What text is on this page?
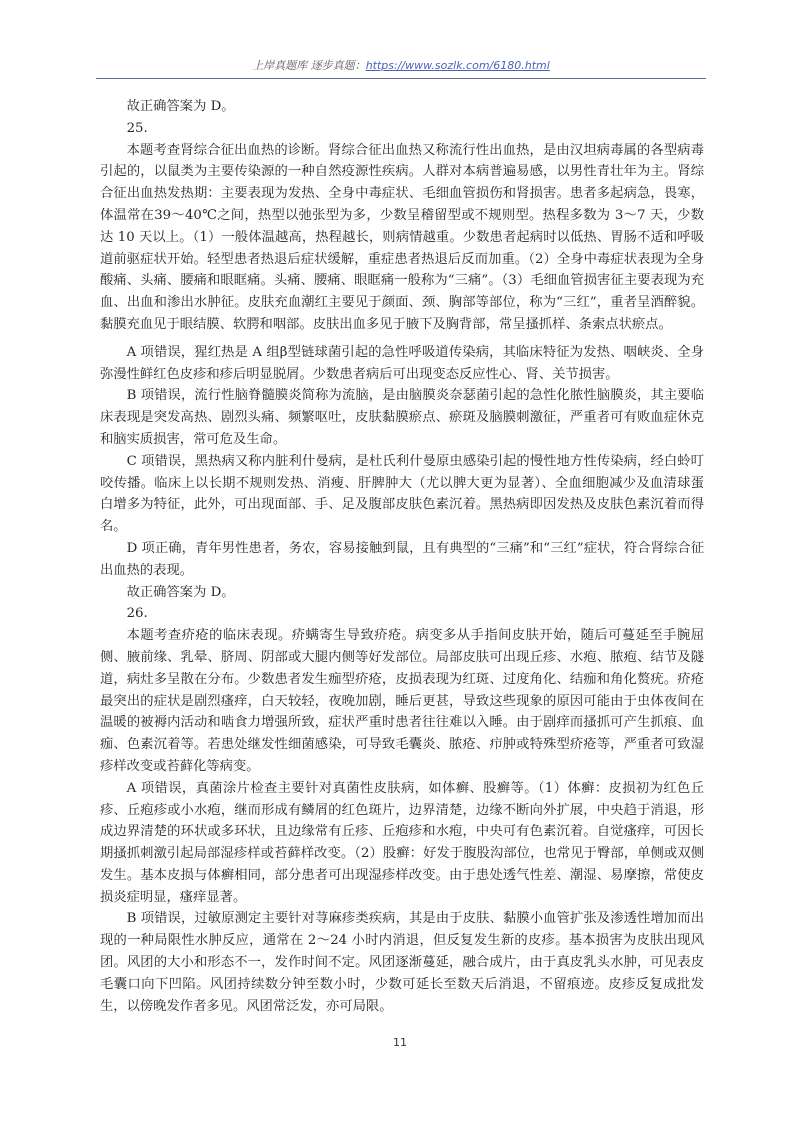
上岸真题库 逐步真题：https://www.sozlk.com/6180.html

故正确答案为 D。

25.

本题考查肾综合征出血热的诊断。肾综合征出血热又称流行性出血热，是由汉坦病毒属的各型病毒引起的，以鼠类为主要传染源的一种自然疫源性疾病。人群对本病普遍易感，以男性青壮年为主。肾综合征出血热发热期：主要表现为发热、全身中毒症状、毛细血管损伤和肾损害。患者多起病急，畏寒，体温常在39～40℃之间，热型以弛张型为多，少数呈稽留型或不规则型。热程多数为 3～7 天，少数达 10 天以上。（1）一般体温越高，热程越长，则病情越重。少数患者起病时以低热、胃肠不适和呼吸道前驱症状开始。轻型患者热退后症状缓解，重症患者热退后反而加重。（2）全身中毒症状表现为全身酸痛、头痛、腰痛和眼眶痛。头痛、腰痛、眼眶痛一般称为“三痛”。（3）毛细血管损害征主要表现为充血、出血和渗出水肿征。皮肤充血潮红主要见于颜面、颈、胸部等部位，称为“三红”，重者呈酒醉貌。黏膜充血见于眼结膜、软腭和咽部。皮肤出血多见于腋下及胸背部，常呈搔抓样、条索点状瘀点。

A 项错误，猩红热是 A 组β型链球菌引起的急性呼吸道传染病，其临床特征为发热、咽峡炎、全身弥漫性鲜红色皮疹和疹后明显脱屑。少数患者病后可出现变态反应性心、肾、关节损害。

B 项错误，流行性脑脊髓膜炎简称为流脑，是由脑膜炎奈瑟菌引起的急性化脓性脑膜炎，其主要临床表现是突发高热、剧烈头痛、频繁呕吐，皮肤黏膜瘀点、瘀斑及脑膜刺激征，严重者可有败血症休克和脑实质损害，常可危及生命。

C 项错误，黑热病又称内脏利什曼病，是杜氏利什曼原虫感染引起的慢性地方性传染病，经白蛉叮咬传播。临床上以长期不规则发热、消瘦、肝脾肿大（尤以脾大更为显著）、全血细胞减少及血清球蛋白增多为特征，此外，可出现面部、手、足及腹部皮肤色素沉着。黑热病即因发热及皮肤色素沉着而得名。

D 项正确，青年男性患者，务农，容易接触到鼠，且有典型的“三痛”和“三红”症状，符合肾综合征出血热的表现。

故正确答案为 D。

26.

本题考查疥疮的临床表现。疥螨寄生导致疥疮。病变多从手指间皮肤开始，随后可蔓延至手腕屈侧、腋前缘、乳晕、脐周、阴部或大腿内侧等好发部位。局部皮肤可出现丘疹、水疱、脓疱、结节及隧道，病灶多呈散在分布。少数患者发生痂型疥疮，皮损表现为红斑、过度角化、结痂和角化赘疣。疥疮最突出的症状是剧烈瘙痒，白天较轻，夜晚加剧，睡后更甚，导致这些现象的原因可能由于虫体夜间在温暖的被褥内活动和啮食力增强所致，症状严重时患者往往难以入睡。由于剧痒而搔抓可产生抓痕、血痂、色素沉着等。若患处继发性细菌感染，可导致毛囊炎、脓疮、疖肿或特殊型疥疮等，严重者可致湿疹样改变或苔藓化等病变。

A 项错误，真菌涂片检查主要针对真菌性皮肤病，如体癣、股癣等。（1）体癣：皮损初为红色丘疹、丘疱疹或小水疱，继而形成有鳞屑的红色斑片，边界清楚，边缘不断向外扩展，中央趋于消退，形成边界清楚的环状或多环状，且边缘常有丘疹、丘疱疹和水疱，中央可有色素沉着。自觉瘙痒，可因长期搔抓刺激引起局部湿疹样或苔藓样改变。（2）股癣：好发于腹股沟部位，也常见于臀部，单侧或双侧发生。基本皮损与体癣相同，部分患者可出现湿疹样改变。由于患处透气性差、潮湿、易摩擦，常使皮损炎症明显，瘙痒显著。

B 项错误，过敏原测定主要针对荨麻疹类疾病，其是由于皮肤、黏膜小血管扩张及渗透性增加而出现的一种局限性水肿反应，通常在 2～24 小时内消退，但反复发生新的皮疹。基本损害为皮肤出现风团。风团的大小和形态不一，发作时间不定。风团逐渐蔓延，融合成片，由于真皮乳头水肿，可见表皮毛囊口向下凹陷。风团持续数分钟至数小时，少数可延长至数天后消退，不留痕迹。皮疹反复成批发生，以傍晚发作者多见。风团常泛发，亦可局限。

11
